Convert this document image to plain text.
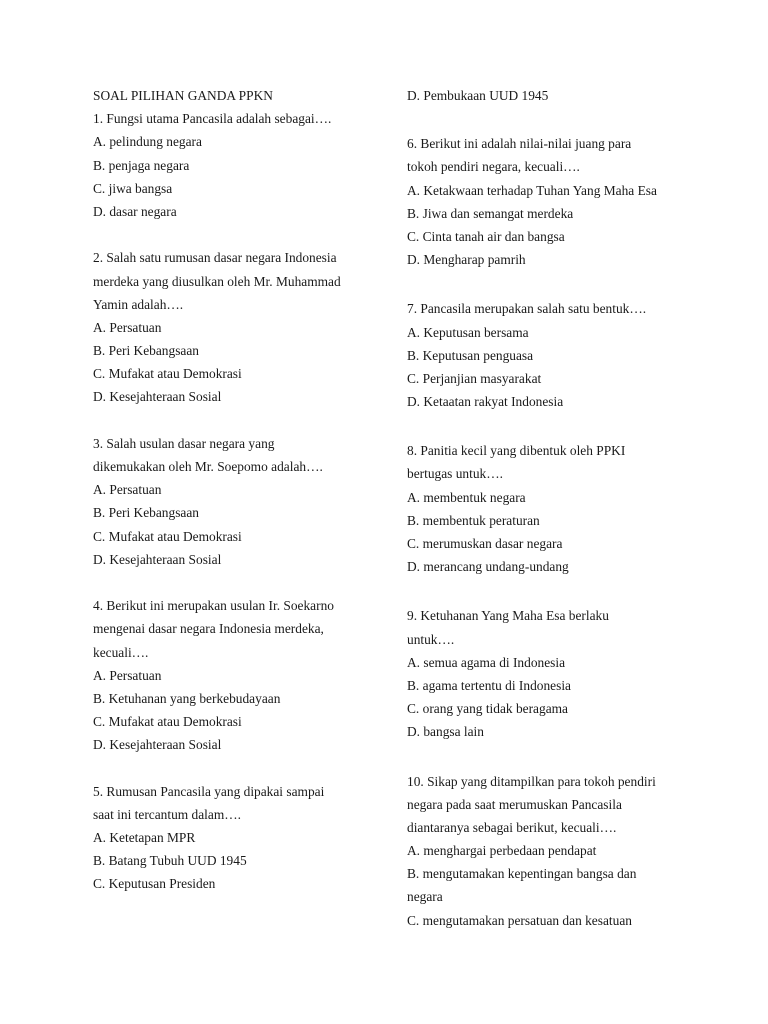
SOAL PILIHAN GANDA PPKN
1. Fungsi utama Pancasila adalah sebagai….
A. pelindung negara
B. penjaga negara
C. jiwa bangsa
D. dasar negara
2. Salah satu rumusan dasar negara Indonesia
merdeka yang diusulkan oleh Mr. Muhammad
Yamin adalah….
A. Persatuan
B. Peri Kebangsaan
C. Mufakat atau Demokrasi
D. Kesejahteraan Sosial
3. Salah usulan dasar negara yang
dikemukakan oleh Mr. Soepomo adalah….
A. Persatuan
B. Peri Kebangsaan
C. Mufakat atau Demokrasi
D. Kesejahteraan Sosial
4. Berikut ini merupakan usulan Ir. Soekarno
mengenai dasar negara Indonesia merdeka,
kecuali….
A. Persatuan
B. Ketuhanan yang berkebudayaan
C. Mufakat atau Demokrasi
D. Kesejahteraan Sosial
5. Rumusan Pancasila yang dipakai sampai
saat ini tercantum dalam….
A. Ketetapan MPR
B. Batang Tubuh UUD 1945
C. Keputusan Presiden
D. Pembukaan UUD 1945
6. Berikut ini adalah nilai-nilai juang para
tokoh pendiri negara, kecuali….
A. Ketakwaan terhadap Tuhan Yang Maha Esa
B. Jiwa dan semangat merdeka
C. Cinta tanah air dan bangsa
D. Mengharap pamrih
7. Pancasila merupakan salah satu bentuk….
A. Keputusan bersama
B. Keputusan penguasa
C. Perjanjian masyarakat
D. Ketaatan rakyat Indonesia
8. Panitia kecil yang dibentuk oleh PPKI
bertugas untuk….
A. membentuk negara
B. membentuk peraturan
C. merumuskan dasar negara
D. merancang undang-undang
9. Ketuhanan Yang Maha Esa berlaku
untuk….
A. semua agama di Indonesia
B. agama tertentu di Indonesia
C. orang yang tidak beragama
D. bangsa lain
10. Sikap yang ditampilkan para tokoh pendiri
negara pada saat merumuskan Pancasila
diantaranya sebagai berikut, kecuali….
A. menghargai perbedaan pendapat
B. mengutamakan kepentingan bangsa dan
negara
C. mengutamakan persatuan dan kesatuan
